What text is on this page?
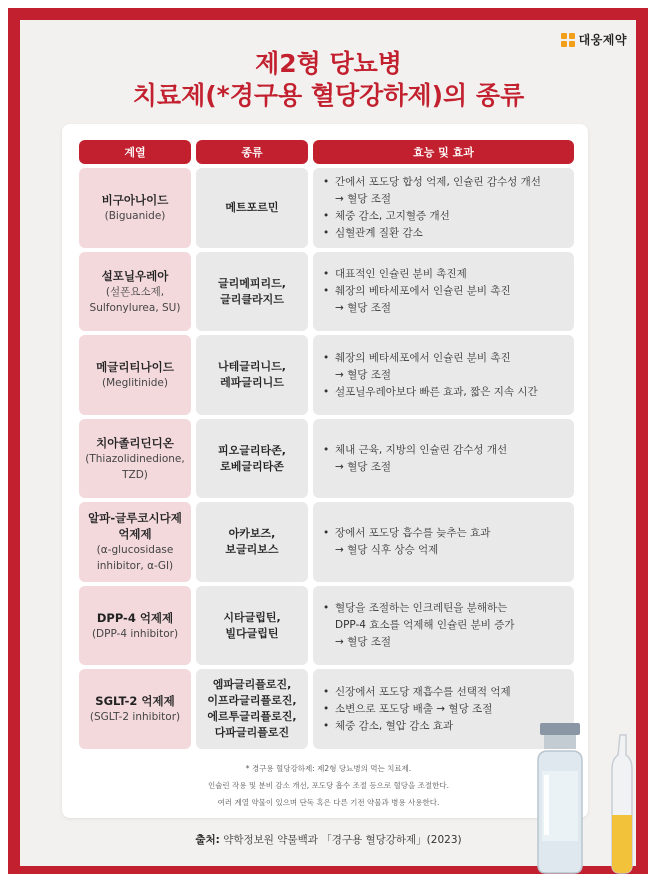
대웅제약
제2형 당뇨병
치료제(*경구용 혈당강하제)의 종류
계열	종류	효능 및 효과
비구아나이드
(Biguanide)
메트포르민
• 간에서 포도당 합성 억제, 인슐린 감수성 개선
→ 혈당 조절
• 체중 감소, 고지혈증 개선
• 심혈관계 질환 감소
설포닐우레아
(설폰요소제,
Sulfonylurea, SU)
글리메피리드,
글리클라지드
• 대표적인 인슐린 분비 촉진제
• 췌장의 베타세포에서 인슐린 분비 촉진
→ 혈당 조절
메글리티나이드
(Meglitinide)
나테글리니드,
레파글리니드
• 췌장의 베타세포에서 인슐린 분비 촉진
→ 혈당 조절
• 설포닐우레아보다 빠른 효과, 짧은 지속 시간
치아졸리딘디온
(Thiazolidinedione,
TZD)
피오글리타존,
로베글리타존
• 체내 근육, 지방의 인슐린 감수성 개선
→ 혈당 조절
알파-글루코시다제
억제제
(α-glucosidase
inhibitor, α-GI)
아카보즈,
보글리보스
• 장에서 포도당 흡수를 늦추는 효과
→ 혈당 식후 상승 억제
DPP-4 억제제
(DPP-4 inhibitor)
시타글립틴,
빌다글립틴
• 혈당을 조절하는 인크레틴을 분해하는
DPP-4 효소를 억제해 인슐린 분비 증가
→ 혈당 조절
SGLT-2 억제제
(SGLT-2 inhibitor)
엠파글리플로진,
이프라글리플로진,
에르투글리플로진,
다파글리플로진
• 신장에서 포도당 재흡수를 선택적 억제
• 소변으로 포도당 배출 → 혈당 조절
• 체중 감소, 혈압 감소 효과
* 경구용 혈당강하제: 제2형 당뇨병의 먹는 치료제.
인슐린 작용 및 분비 감소 개선, 포도당 흡수 조절 등으로 혈당을 조절한다.
여러 계열 약물이 있으며 단독 혹은 다른 기전 약물과 병용 사용한다.
출처: 약학정보원 약물백과 「경구용 혈당강하제」(2023)
